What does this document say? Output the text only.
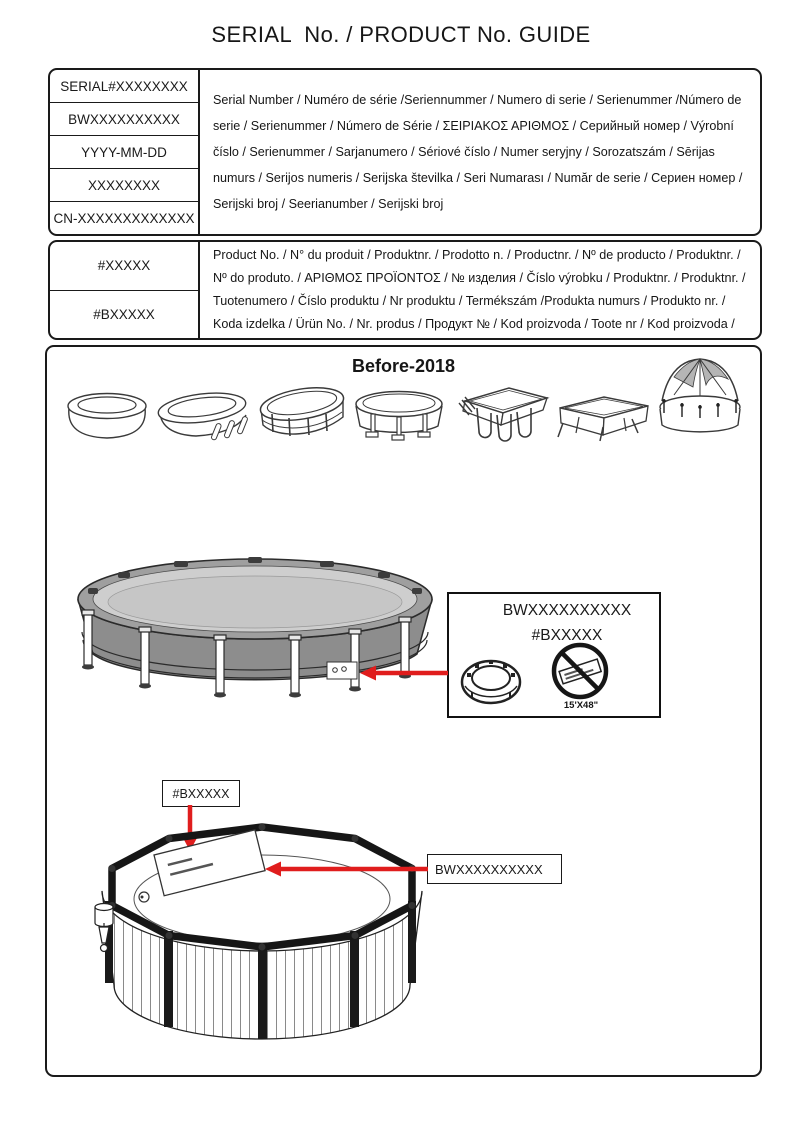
SERIAL  No. / PRODUCT No. GUIDE
SERIAL#XXXXXXXX
BWXXXXXXXXXX
YYYY-MM-DD
XXXXXXXX
CN-XXXXXXXXXXXXX
Serial Number / Numéro de série /Seriennummer / Numero di serie / Serienummer /Número de serie / Serienummer / Número de Série / ΣΕΙΡΙΑΚΟΣ ΑΡΙΘΜΟΣ / Серийный номер / Výrobní číslo / Serienummer / Sarjanumero / Sériové číslo / Numer seryjny / Sorozatszám / Sērijas numurs / Serijos numeris / Serijska številka / Seri Numarası / Număr de serie / Сериен номер / Serijski broj / Seerianumber / Serijski broj
#XXXXX
#BXXXXX
Product No. / N° du produit / Produktnr. / Prodotto n. / Productnr. / Nº de producto / Produktnr. / Nº do produto. / ΑΡΙΘΜΟΣ ΠΡΟΪΟΝΤΟΣ / № изделия / Číslo výrobku / Produktnr. / Produktnr. / Tuotenumero / Číslo produktu / Nr produktu / Termékszám /Produkta numurs / Produkto nr. / Koda izdelka / Ürün No. / Nr. produs / Продукт № / Kod proizvoda / Toote nr / Kod proizvoda /
Before-2018
BWXXXXXXXXXX
#BXXXXX
15'X48"
#BXXXXX
BWXXXXXXXXXX
